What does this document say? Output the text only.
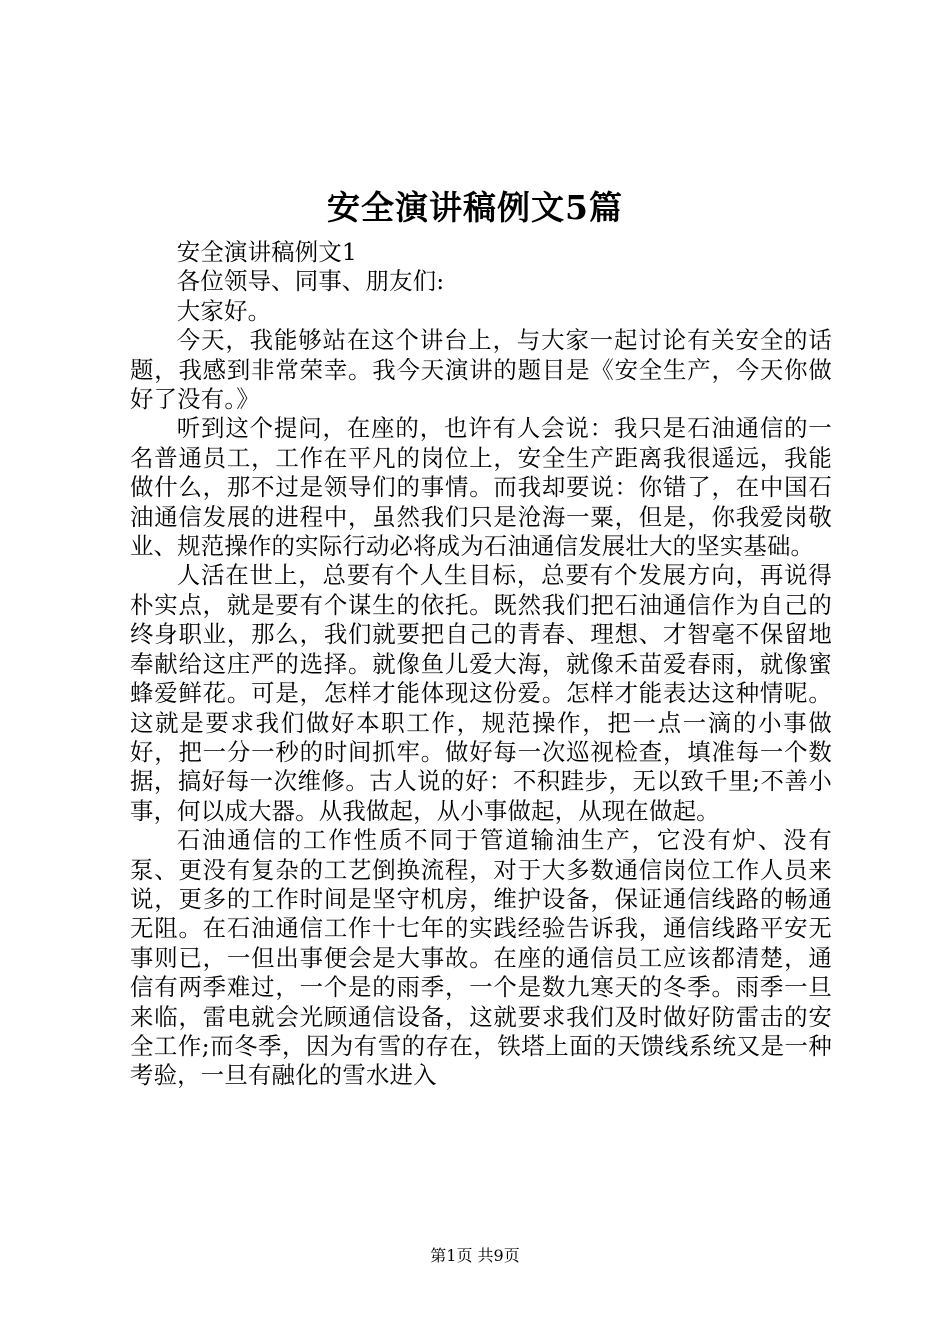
安全演讲稿例文5篇

安全演讲稿例文1

各位领导、同事、朋友们:

大家好。

今天，我能够站在这个讲台上，与大家一起讨论有关安全的话题，我感到非常荣幸。我今天演讲的题目是《安全生产，今天你做好了没有。》

听到这个提问，在座的，也许有人会说：我只是石油通信的一名普通员工，工作在平凡的岗位上，安全生产距离我很遥远，我能做什么，那不过是领导们的事情。而我却要说：你错了，在中国石油通信发展的进程中，虽然我们只是沧海一粟，但是，你我爱岗敬业、规范操作的实际行动必将成为石油通信发展壮大的坚实基础。

人活在世上，总要有个人生目标，总要有个发展方向，再说得朴实点，就是要有个谋生的依托。既然我们把石油通信作为自己的终身职业，那么，我们就要把自己的青春、理想、才智毫不保留地奉献给这庄严的选择。就像鱼儿爱大海，就像禾苗爱春雨，就像蜜蜂爱鲜花。可是，怎样才能体现这份爱。怎样才能表达这种情呢。这就是要求我们做好本职工作，规范操作，把一点一滴的小事做好，把一分一秒的时间抓牢。做好每一次巡视检查，填准每一个数据，搞好每一次维修。古人说的好：不积跬步，无以致千里;不善小事，何以成大器。从我做起，从小事做起，从现在做起。

石油通信的工作性质不同于管道输油生产，它没有炉、没有泵、更没有复杂的工艺倒换流程，对于大多数通信岗位工作人员来说，更多的工作时间是坚守机房，维护设备，保证通信线路的畅通无阻。在石油通信工作十七年的实践经验告诉我，通信线路平安无事则已，一但出事便会是大事故。在座的通信员工应该都清楚，通信有两季难过，一个是的雨季，一个是数九寒天的冬季。雨季一旦来临，雷电就会光顾通信设备，这就要求我们及时做好防雷击的安全工作;而冬季，因为有雪的存在，铁塔上面的天馈线系统又是一种考验，一旦有融化的雪水进入

第1页 共9页
